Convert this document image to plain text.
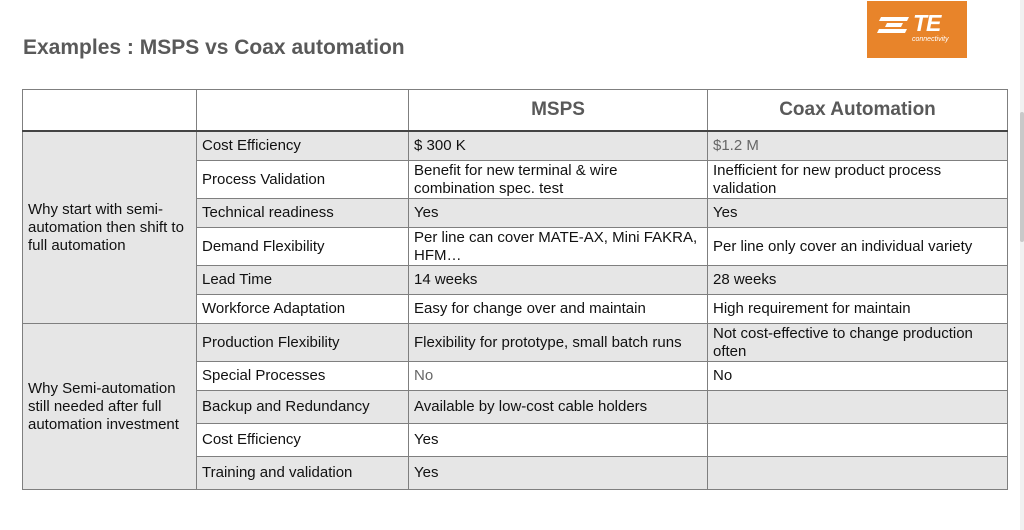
Examples : MSPS vs Coax automation
TE
connectivity
		MSPS	Coax Automation
Why start with semi-automation then shift to full automation	Cost Efficiency	$ 300 K	$1.2 M
	Process Validation	Benefit for new terminal & wire combination spec. test	Inefficient for new product process validation
	Technical readiness	Yes	Yes
	Demand Flexibility	Per line can cover MATE-AX, Mini FAKRA, HFM…	Per line only cover an individual variety
	Lead Time	14 weeks	28 weeks
	Workforce Adaptation	Easy for change over and maintain	High requirement for maintain
Why Semi-automation still needed after full automation investment	Production Flexibility	Flexibility for prototype, small batch runs	Not cost-effective to change production often
	Special Processes	No	No
	Backup and Redundancy	Available by low-cost cable holders	
	Cost Efficiency	Yes	
	Training and validation	Yes	
